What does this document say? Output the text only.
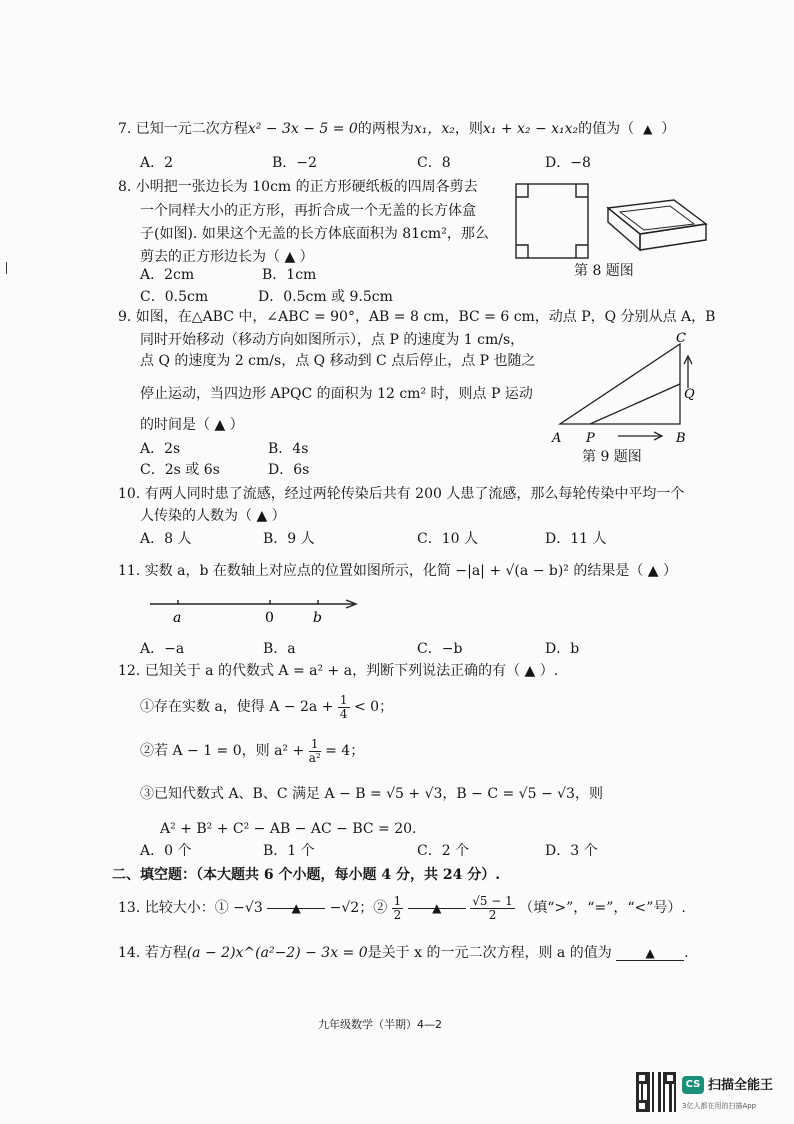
7. 已知一元二次方程x² − 3x − 5 = 0的两根为x₁，x₂，则x₁ + x₂ − x₁x₂的值为（ ▲ ）
A．2	B．−2	C．8	D．−8
8. 小明把一张边长为 10cm 的正方形硬纸板的四周各剪去
一个同样大小的正方形，再折合成一个无盖的长方体盒
子(如图). 如果这个无盖的长方体底面积为 81cm²，那么
剪去的正方形边长为（ ▲ ）
A．2cm	B．1cm
C．0.5cm	D．0.5cm 或 9.5cm
第 8 题图
9. 如图，在△ABC 中，∠ABC = 90°，AB = 8 cm，BC = 6 cm，动点 P，Q 分别从点 A，B
同时开始移动（移动方向如图所示），点 P 的速度为 1 cm/s，
点 Q 的速度为 2 cm/s，点 Q 移动到 C 点后停止，点 P 也随之
停止运动，当四边形 APQC 的面积为 12 cm² 时，则点 P 运动
的时间是（ ▲ ）
A．2s	B．4s
C．2s 或 6s	D．6s
C
Q
A P	B
第 9 题图
10. 有两人同时患了流感，经过两轮传染后共有 200 人患了流感，那么每轮传染中平均一个
人传染的人数为（ ▲ ）
A．8 人	B．9 人	C．10 人	D．11 人
11. 实数 a，b 在数轴上对应点的位置如图所示，化简 −|a| + √(a − b)² 的结果是（ ▲ ）
a	0	b
A．−a	B．a	C．−b	D．b
12. 已知关于 a 的代数式 A = a² + a，判断下列说法正确的有（ ▲ ）.
①存在实数 a，使得 $A - 2a + \frac{1}{4} < 0$；
②若 A − 1 = 0，则 $a^2 + \frac{1}{\text{a²}} = 4$；
③已知代数式 A、B、C 满足 A − B = √5 + √3，B − C = √5 − √3，则
A² + B² + C² − AB − AC − BC = 20.
A．0 个	B．1 个	C．2 个	D．3 个
二、填空题：（本大题共 6 个小题，每小题 4 分，共 24 分）.
13. 比较大小：① −√3 ▲ −√2；② $\frac{1}{2}$ ▲ $\frac{√5 - 1}{2}$ （填“>”，“=”，“<”号）.
14. 若方程(a − 2)x^(a²−2) − 3x = 0是关于 x 的一元二次方程，则 a 的值为	▲ .
九年级数学（半期）4—2
CS 扫描全能王
3亿人都在用的扫描App
